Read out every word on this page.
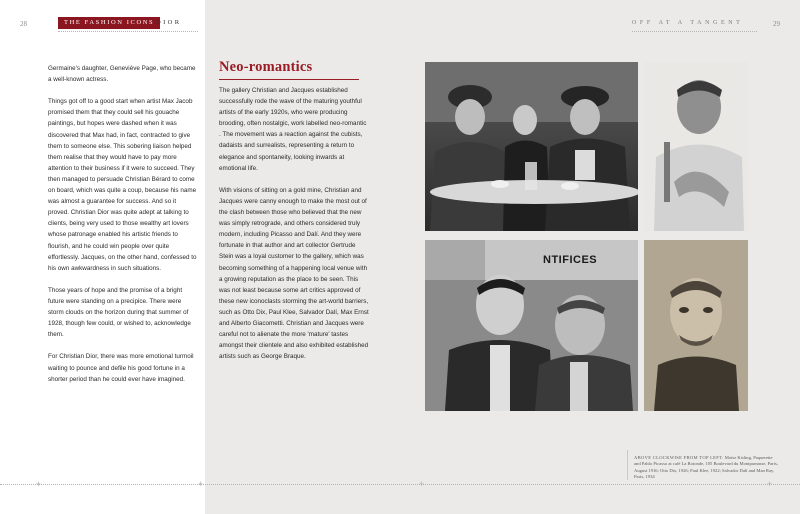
28	29
THE FASHION ICONS DIOR	OFF AT A TANGENT

Germaine's daughter, Geneviève Page, who became a well-known actress.

Things got off to a good start when artist Max Jacob promised them that they could sell his gouache paintings, but hopes were dashed when it was discovered that Max had, in fact, contracted to give them to someone else. This sobering liaison helped them realise that they would have to pay more attention to their business if it were to succeed. They then managed to persuade Christian Bérard to come on board, which was quite a coup, because his name was almost a guarantee for success. And so it proved. Christian Dior was quite adept at talking to clients, being very used to those wealthy art lovers whose patronage enabled his artistic friends to flourish, and he could win people over quite effortlessly. Jacques, on the other hand, confessed to his own awkwardness in such situations.

Those years of hope and the promise of a bright future were standing on a precipice. There were storm clouds on the horizon during that summer of 1928, though few could, or wished to, acknowledge them.

For Christian Dior, there was more emotional turmoil waiting to pounce and defile his good fortune in a shorter period than he could ever have imagined.

Neo-romantics

The gallery Christian and Jacques established successfully rode the wave of the maturing youthful artists of the early 1920s, who were producing brooding, often nostalgic, work labelled neo-romantic . The movement was a reaction against the cubists, dadaists and surrealists, representing a return to elegance and spontaneity, looking inwards at emotional life.

With visions of sitting on a gold mine, Christian and Jacques were canny enough to make the most out of the clash between those who believed that the new was simply retrograde, and others considered truly modern, including Picasso and Dalí. And they were fortunate in that author and art collector Gertrude Stein was a loyal customer to the gallery, which was becoming something of a happening local venue with a growing reputation as the place to be seen. This was not least because some art critics approved of these new iconoclasts storming the art-world barriers, such as Otto Dix, Paul Klee, Salvador Dalí, Max Ernst and Alberto Giacometti. Christian and Jacques were careful not to alienate the more 'mature' tastes amongst their clientele and also exhibited established artists such as George Braque.

NTIFICES
ABOVE CLOCKWISE FROM TOP LEFT: Moïse Kisling, Paquerette and Pablo Picasso at café La Rotonde, 105 Boulevard du Montparnasse, Paris, August 1916; Otto Dix, 1926; Paul Klee, 1922; Salvador Dalí and Man Ray, Paris, 1934
+	+	+	+
